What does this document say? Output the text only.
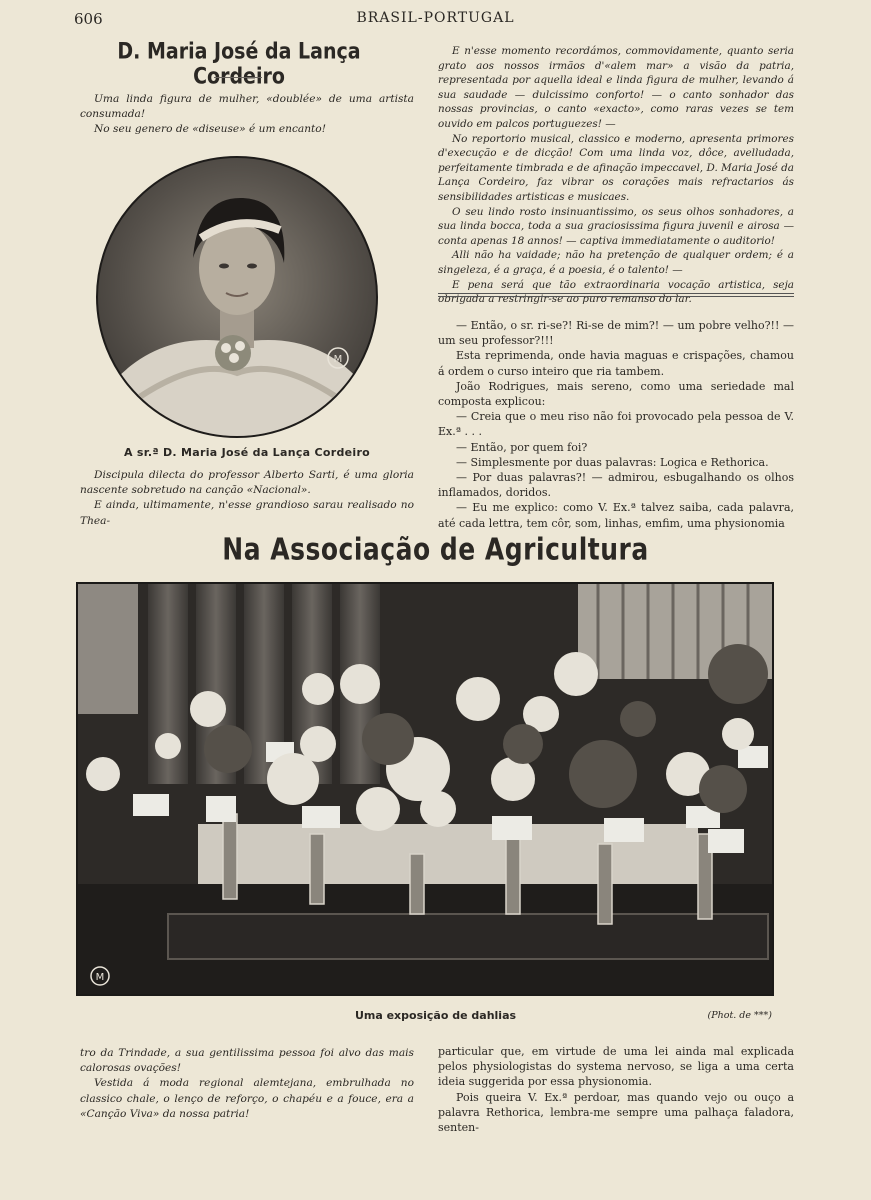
606	BRASIL-PORTUGAL
D. Maria José da Lança Cordeiro

Uma linda figura de mulher, «doublée» de uma artista consumada!

No seu genero de «diseuse» é um encanto!

M
A sr.ª D. Maria José da Lança Cordeiro

Discipula dilecta do professor Alberto Sarti, é uma gloria nascente sobretudo na canção «Nacional».

E ainda, ultimamente, n'esse grandioso sarau realisado no Thea-

E n'esse momento recordámos, commovidamente, quanto seria grato aos nossos irmãos d'«alem mar» a visão da patria, representada por aquella ideal e linda figura de mulher, levando á sua saudade — dulcissimo conforto! — o canto sonhador das nossas provincias, o canto «exacto», como raras vezes se tem ouvido em palcos portuguezes! —

No reportorio musical, classico e moderno, apresenta primores d'execução e de dicção! Com uma linda voz, dôce, avelludada, perfeitamente timbrada e de afinação impeccavel, D. Maria José da Lança Cordeiro, faz vibrar os corações mais refractarios ás sensibilidades artisticas e musicaes.

O seu lindo rosto insinuantissimo, os seus olhos sonhadores, a sua linda bocca, toda a sua graciosissima figura juvenil e airosa — conta apenas 18 annos! — captiva immediatamente o auditorio!

Alli não ha vaidade; não ha pretenção de qualquer ordem; é a singeleza, é a graça, é a poesia, é o talento! —

E pena será que tão extraordinaria vocação artistica, seja obrigada a restringir-se ao puro remanso do lar.

— Então, o sr. ri-se?! Ri-se de mim?! — um pobre velho?!! — um seu professor?!!!

Esta reprimenda, onde havia maguas e crispações, chamou á ordem o curso inteiro que ria tambem.

João Rodrigues, mais sereno, como uma seriedade mal composta explicou:

— Creia que o meu riso não foi provocado pela pessoa de V. Ex.ª . . .

— Então, por quem foi?

— Simplesmente por duas palavras: Logica e Rethorica.

— Por duas palavras?! — admirou, esbugalhando os olhos inflamados, doridos.

— Eu me explico: como V. Ex.ª talvez saiba, cada palavra, até cada lettra, tem côr, som, linhas, emfim, uma physionomia

Na Associação de Agricultura
M
Uma exposição de dahlias	(Phot. de ***)

tro da Trindade, a sua gentilissima pessoa foi alvo das mais calorosas ovações!

Vestida á moda regional alemtejana, embrulhada no classico chale, o lenço de reforço, o chapéu e a fouce, era a «Canção Viva» da nossa patria!

particular que, em virtude de uma lei ainda mal explicada pelos physiologistas do systema nervoso, se liga a uma certa ideia suggerida por essa physionomia.

Pois queira V. Ex.ª perdoar, mas quando vejo ou ouço a palavra Rethorica, lembra-me sempre uma palhaça faladora, senten-
